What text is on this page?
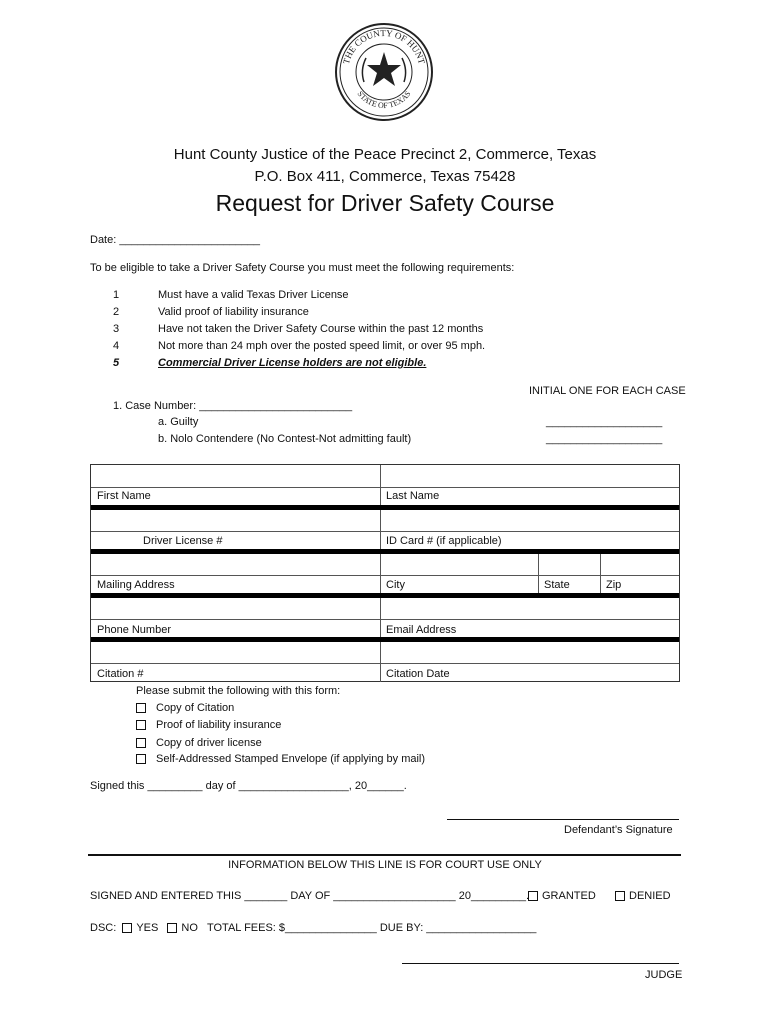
THE COUNTY OF HUNT
STATE OF TEXAS
Hunt County Justice of the Peace Precinct 2, Commerce, Texas
P.O. Box 411, Commerce, Texas 75428
Request for Driver Safety Course
Date: _______________________
To be eligible to take a Driver Safety Course you must meet the following requirements:
1	Must have a valid Texas Driver License
2	Valid proof of liability insurance
3	Have not taken the Driver Safety Course within the past 12 months
4	Not more than 24 mph over the posted speed limit, or over 95 mph.
5	Commercial Driver License holders are not eligible.
INITIAL ONE FOR EACH CASE
1. Case Number: _________________________
a. Guilty
b. Nolo Contendere (No Contest-Not admitting fault)
___________________
___________________
First Name	Last Name
Driver License #	ID Card # (if applicable)
Mailing Address	City	State	Zip
Phone Number	Email Address
Citation #	Citation Date
Please submit the following with this form:
Copy of Citation
Proof of liability insurance
Copy of driver license
Self-Addressed Stamped Envelope (if applying by mail)
Signed this _________ day of __________________, 20______.
Defendant’s Signature
INFORMATION BELOW THIS LINE IS FOR COURT USE ONLY
SIGNED AND ENTERED THIS _______ DAY OF ____________________ 20_________.	GRANTED	DENIED
DSC: YES NO TOTAL FEES: $_______________ DUE BY: __________________
JUDGE
